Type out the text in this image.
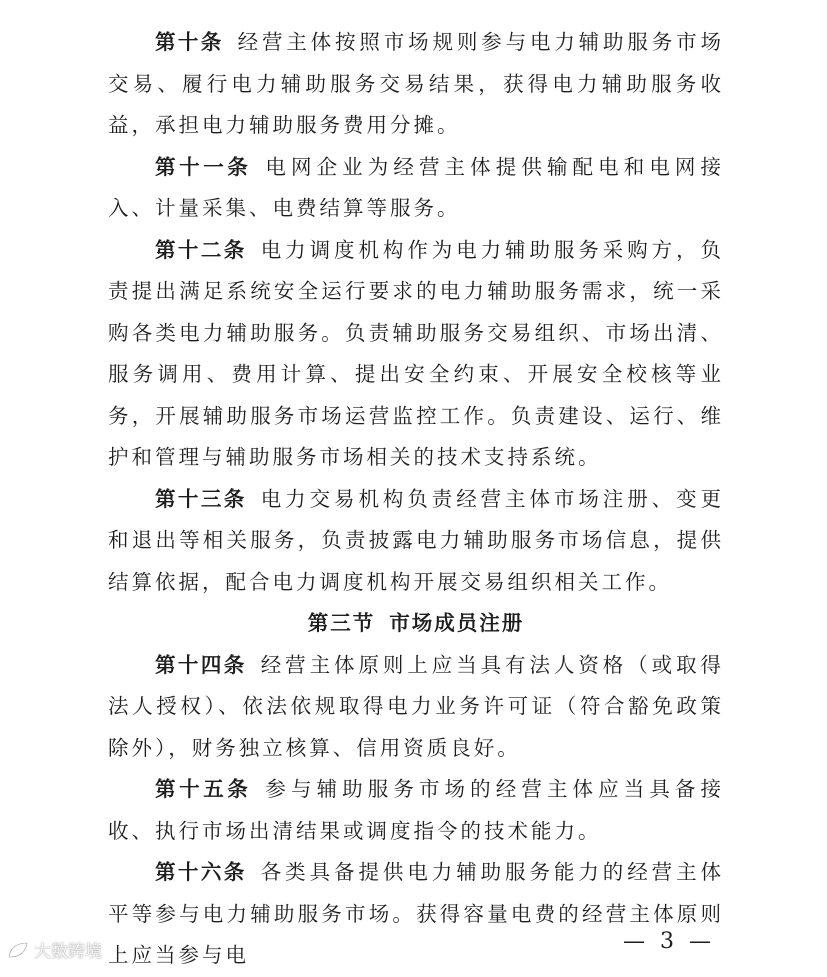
第十条 经营主体按照市场规则参与电力辅助服务市场交易、履行电力辅助服务交易结果，获得电力辅助服务收益，承担电力辅助服务费用分摊。

第十一条 电网企业为经营主体提供输配电和电网接入、计量采集、电费结算等服务。

第十二条 电力调度机构作为电力辅助服务采购方，负责提出满足系统安全运行要求的电力辅助服务需求，统一采购各类电力辅助服务。负责辅助服务交易组织、市场出清、服务调用、费用计算、提出安全约束、开展安全校核等业务，开展辅助服务市场运营监控工作。负责建设、运行、维护和管理与辅助服务市场相关的技术支持系统。

第十三条 电力交易机构负责经营主体市场注册、变更和退出等相关服务，负责披露电力辅助服务市场信息，提供结算依据，配合电力调度机构开展交易组织相关工作。

第三节 市场成员注册

第十四条 经营主体原则上应当具有法人资格（或取得法人授权）、依法依规取得电力业务许可证（符合豁免政策除外），财务独立核算、信用资质良好。

第十五条 参与辅助服务市场的经营主体应当具备接收、执行市场出清结果或调度指令的技术能力。

第十六条 各类具备提供电力辅助服务能力的经营主体平等参与电力辅助服务市场。获得容量电费的经营主体原则上应当参与电

— 3 —
大数跨境
